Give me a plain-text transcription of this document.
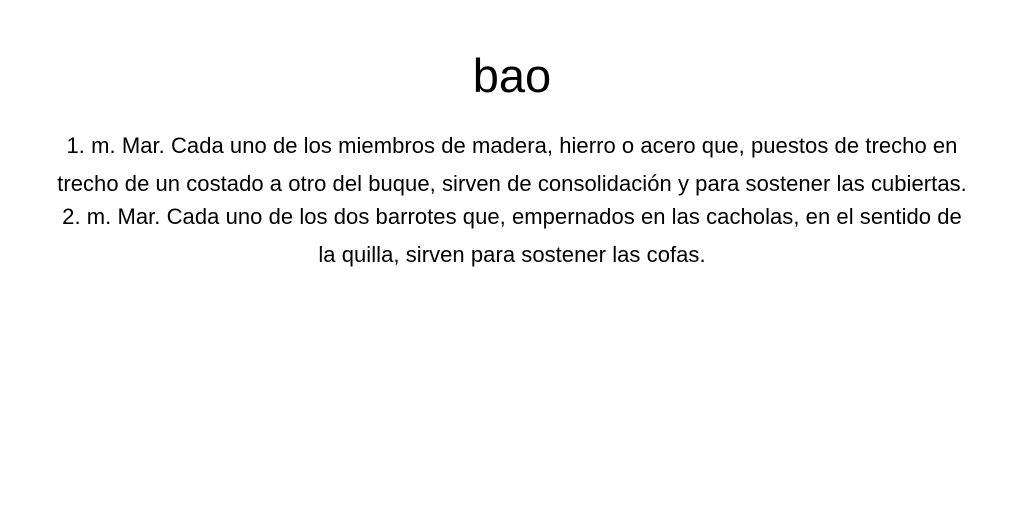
bao
1. m. Mar. Cada uno de los miembros de madera, hierro o acero que, puestos de trecho en trecho de un costado a otro del buque, sirven de consolidación y para sostener las cubiertas.
2. m. Mar. Cada uno de los dos barrotes que, empernados en las cacholas, en el sentido de la quilla, sirven para sostener las cofas.
